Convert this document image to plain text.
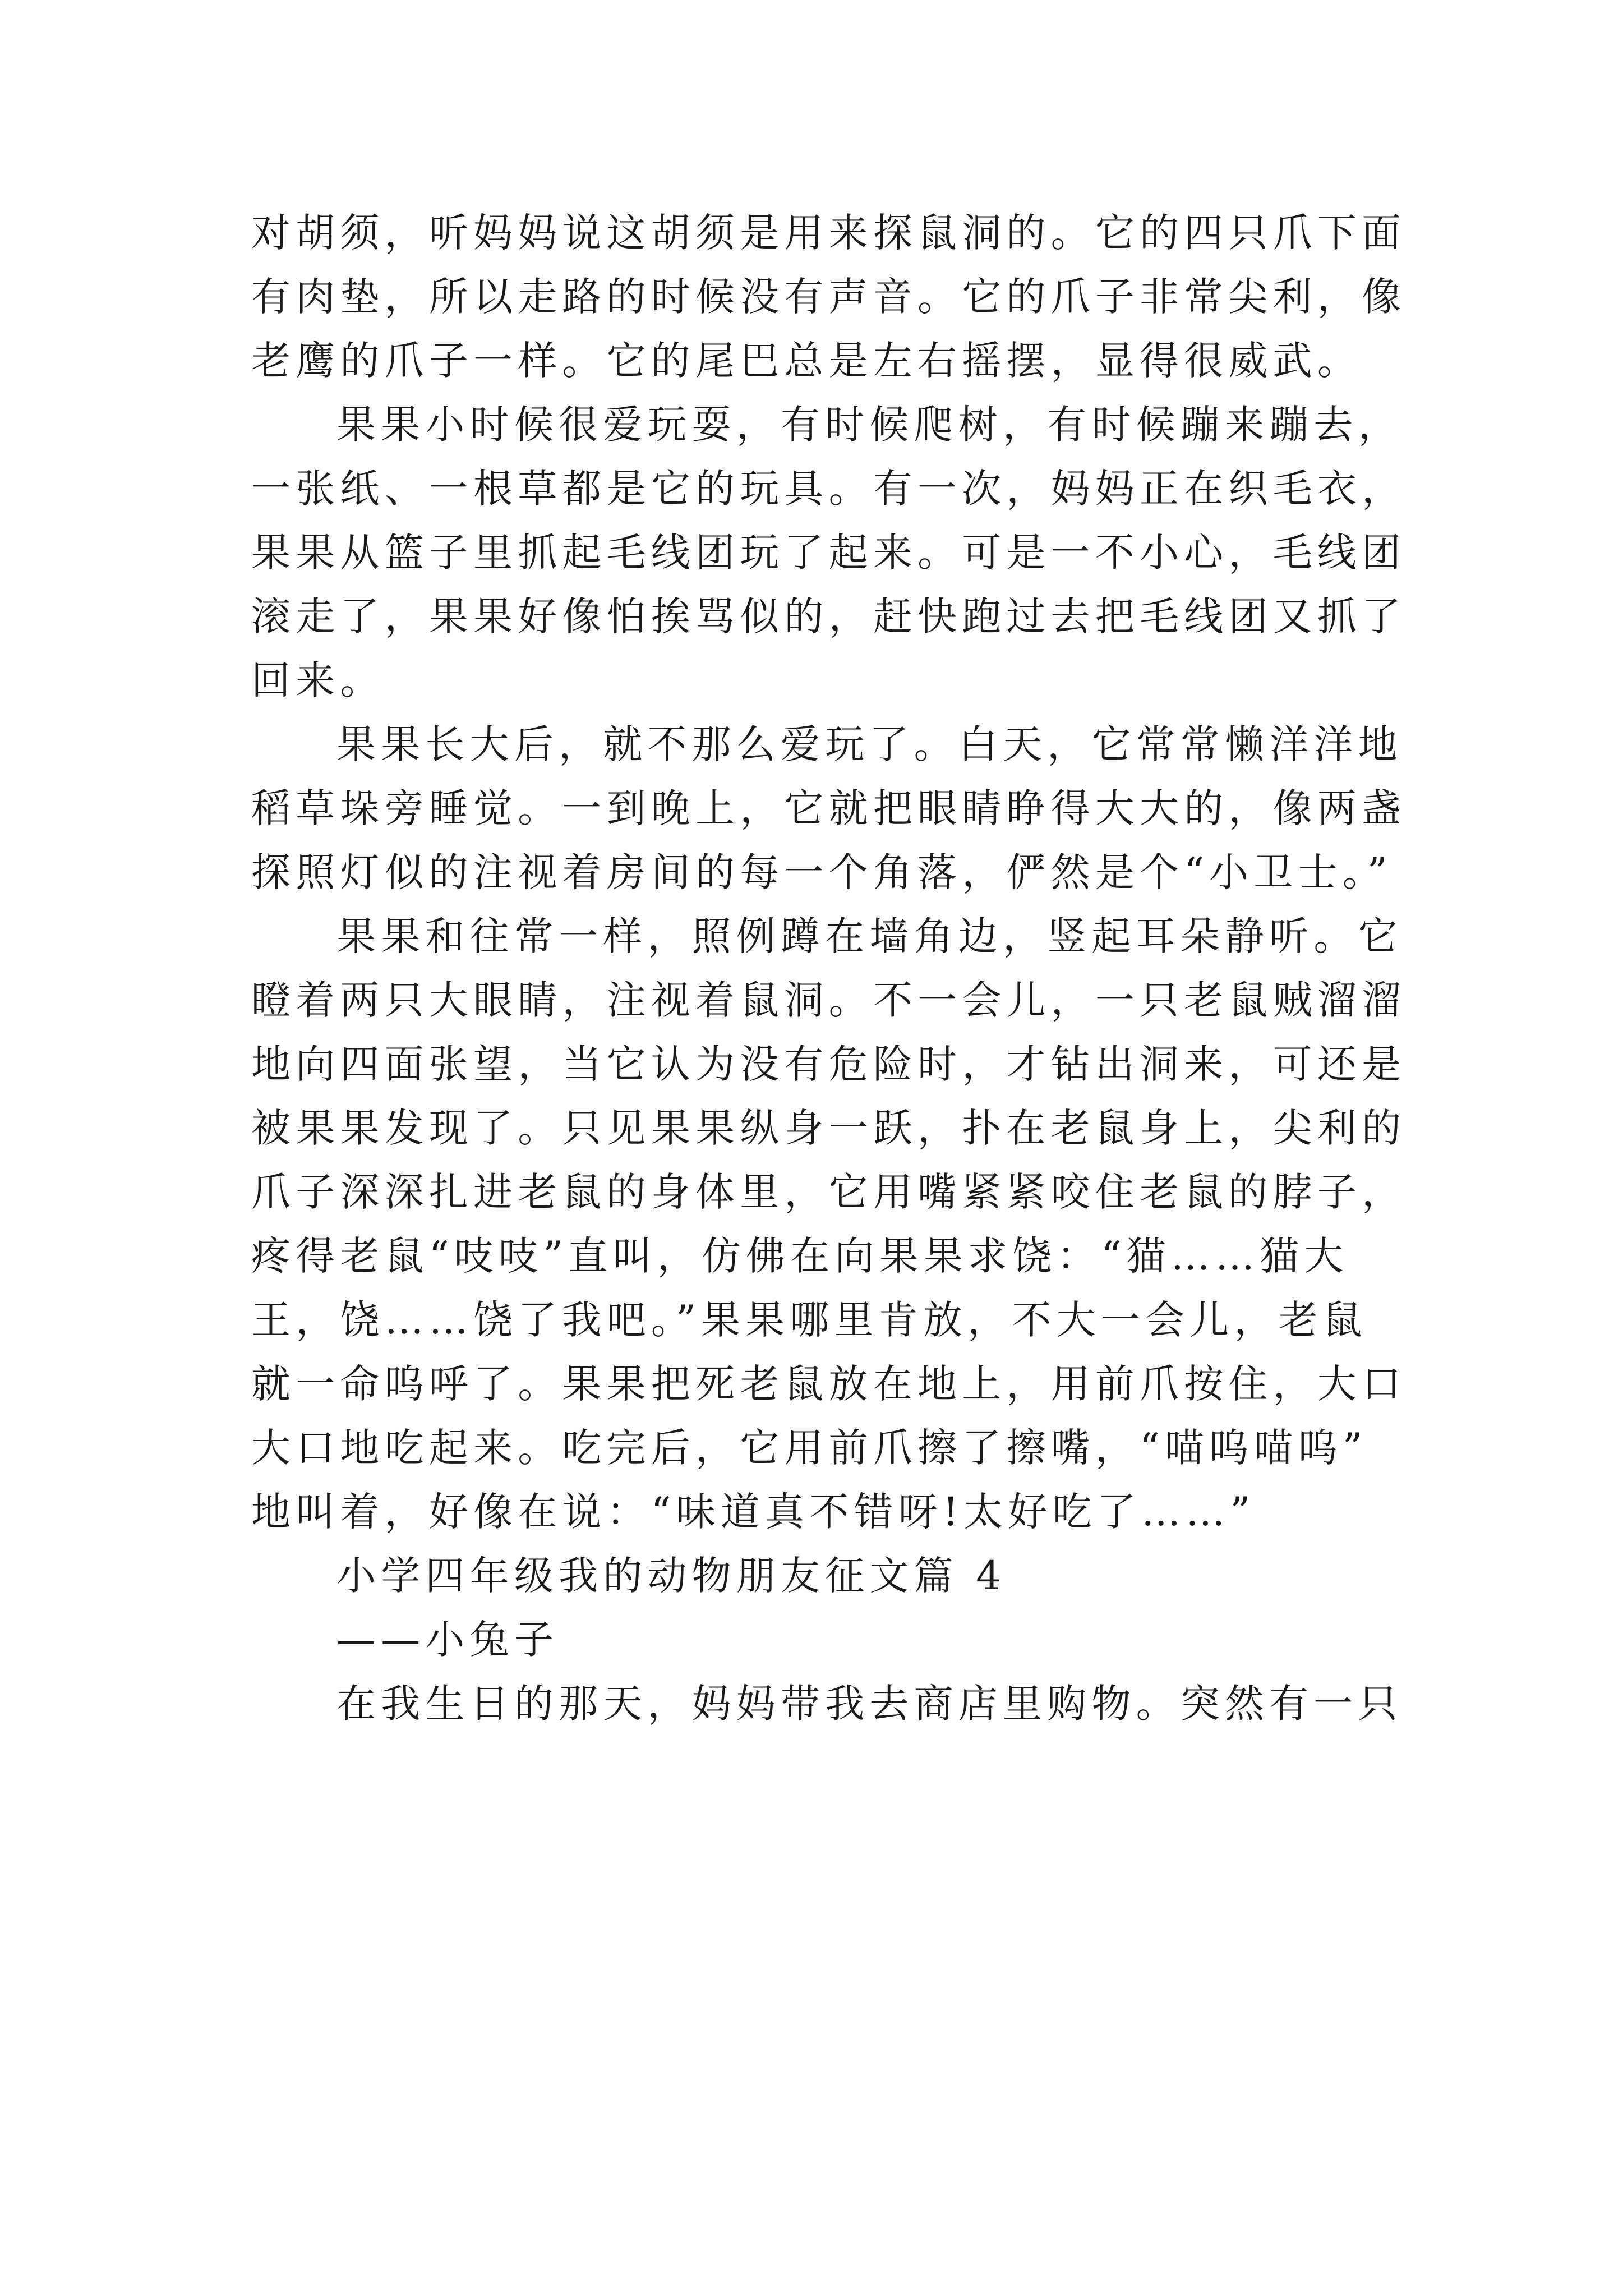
对胡须，听妈妈说这胡须是用来探鼠洞的。它的四只爪下面
有肉垫，所以走路的时候没有声音。它的爪子非常尖利，像
老鹰的爪子一样。它的尾巴总是左右摇摆，显得很威武。
果果小时候很爱玩耍，有时候爬树，有时候蹦来蹦去，
一张纸、一根草都是它的玩具。有一次，妈妈正在织毛衣，
果果从篮子里抓起毛线团玩了起来。可是一不小心，毛线团
滚走了，果果好像怕挨骂似的，赶快跑过去把毛线团又抓了
回来。
果果长大后，就不那么爱玩了。白天，它常常懒洋洋地
稻草垛旁睡觉。一到晚上，它就把眼睛睁得大大的，像两盏
探照灯似的注视着房间的每一个角落，俨然是个“小卫士。”
果果和往常一样，照例蹲在墙角边，竖起耳朵静听。它
瞪着两只大眼睛，注视着鼠洞。不一会儿，一只老鼠贼溜溜
地向四面张望，当它认为没有危险时，才钻出洞来，可还是
被果果发现了。只见果果纵身一跃，扑在老鼠身上，尖利的
爪子深深扎进老鼠的身体里，它用嘴紧紧咬住老鼠的脖子，
疼得老鼠“吱吱”直叫，仿佛在向果果求饶：“猫……猫大
王，饶……饶了我吧。”果果哪里肯放，不大一会儿，老鼠
就一命呜呼了。果果把死老鼠放在地上，用前爪按住，大口
大口地吃起来。吃完后，它用前爪擦了擦嘴，“喵呜喵呜”
地叫着，好像在说：“味道真不错呀!太好吃了……”
小学四年级我的动物朋友征文篇 4
——小兔子
在我生日的那天，妈妈带我去商店里购物。突然有一只
